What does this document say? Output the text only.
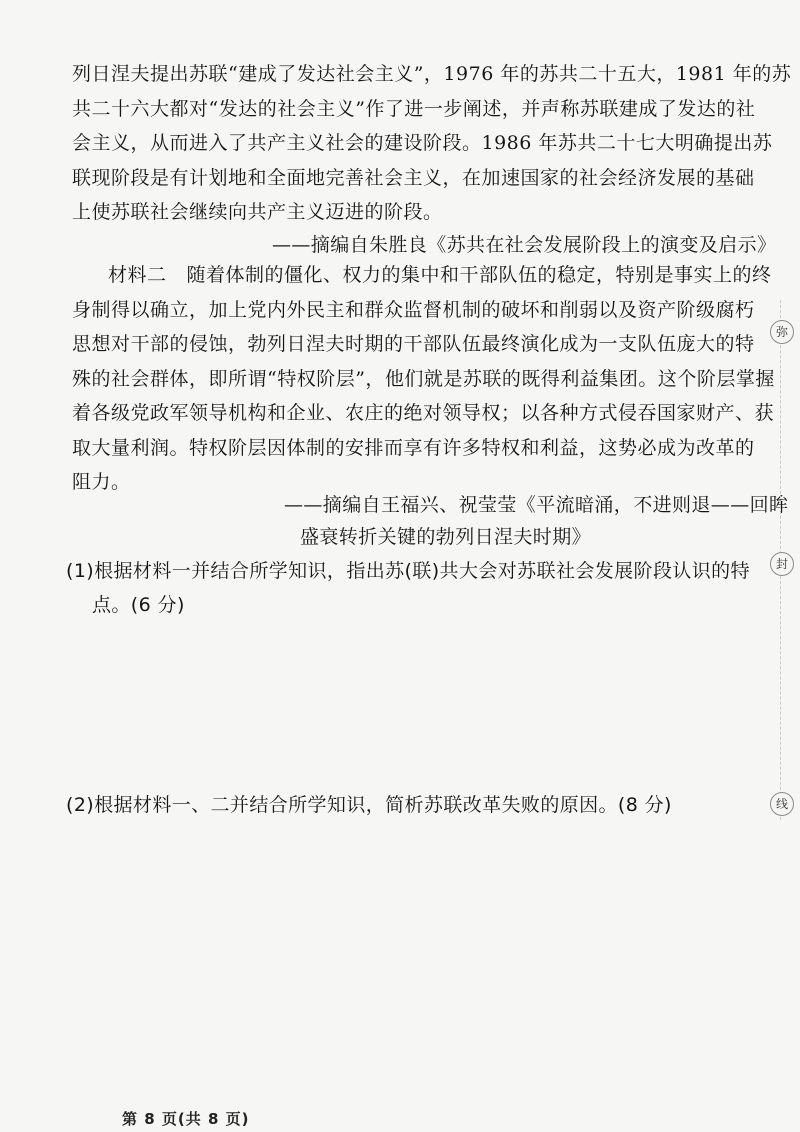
列日涅夫提出苏联“建成了发达社会主义”，1976 年的苏共二十五大，1981 年的苏
共二十六大都对“发达的社会主义”作了进一步阐述，并声称苏联建成了发达的社
会主义，从而进入了共产主义社会的建设阶段。1986 年苏共二十七大明确提出苏
联现阶段是有计划地和全面地完善社会主义，在加速国家的社会经济发展的基础
上使苏联社会继续向共产主义迈进的阶段。
——摘编自朱胜良《苏共在社会发展阶段上的演变及启示》
材料二 随着体制的僵化、权力的集中和干部队伍的稳定，特别是事实上的终
身制得以确立，加上党内外民主和群众监督机制的破坏和削弱以及资产阶级腐朽
思想对干部的侵蚀，勃列日涅夫时期的干部队伍最终演化成为一支队伍庞大的特
殊的社会群体，即所谓“特权阶层”，他们就是苏联的既得利益集团。这个阶层掌握
着各级党政军领导机构和企业、农庄的绝对领导权；以各种方式侵吞国家财产、获
取大量利润。特权阶层因体制的安排而享有许多特权和利益，这势必成为改革的
阻力。
——摘编自王福兴、祝莹莹《平流暗涌，不进则退——回眸
盛衰转折关键的勃列日涅夫时期》
(1)根据材料一并结合所学知识，指出苏(联)共大会对苏联社会发展阶段认识的特
点。(6 分)
(2)根据材料一、二并结合所学知识，简析苏联改革失败的原因。(8 分)
弥
封
线
第 8 页(共 8 页)
